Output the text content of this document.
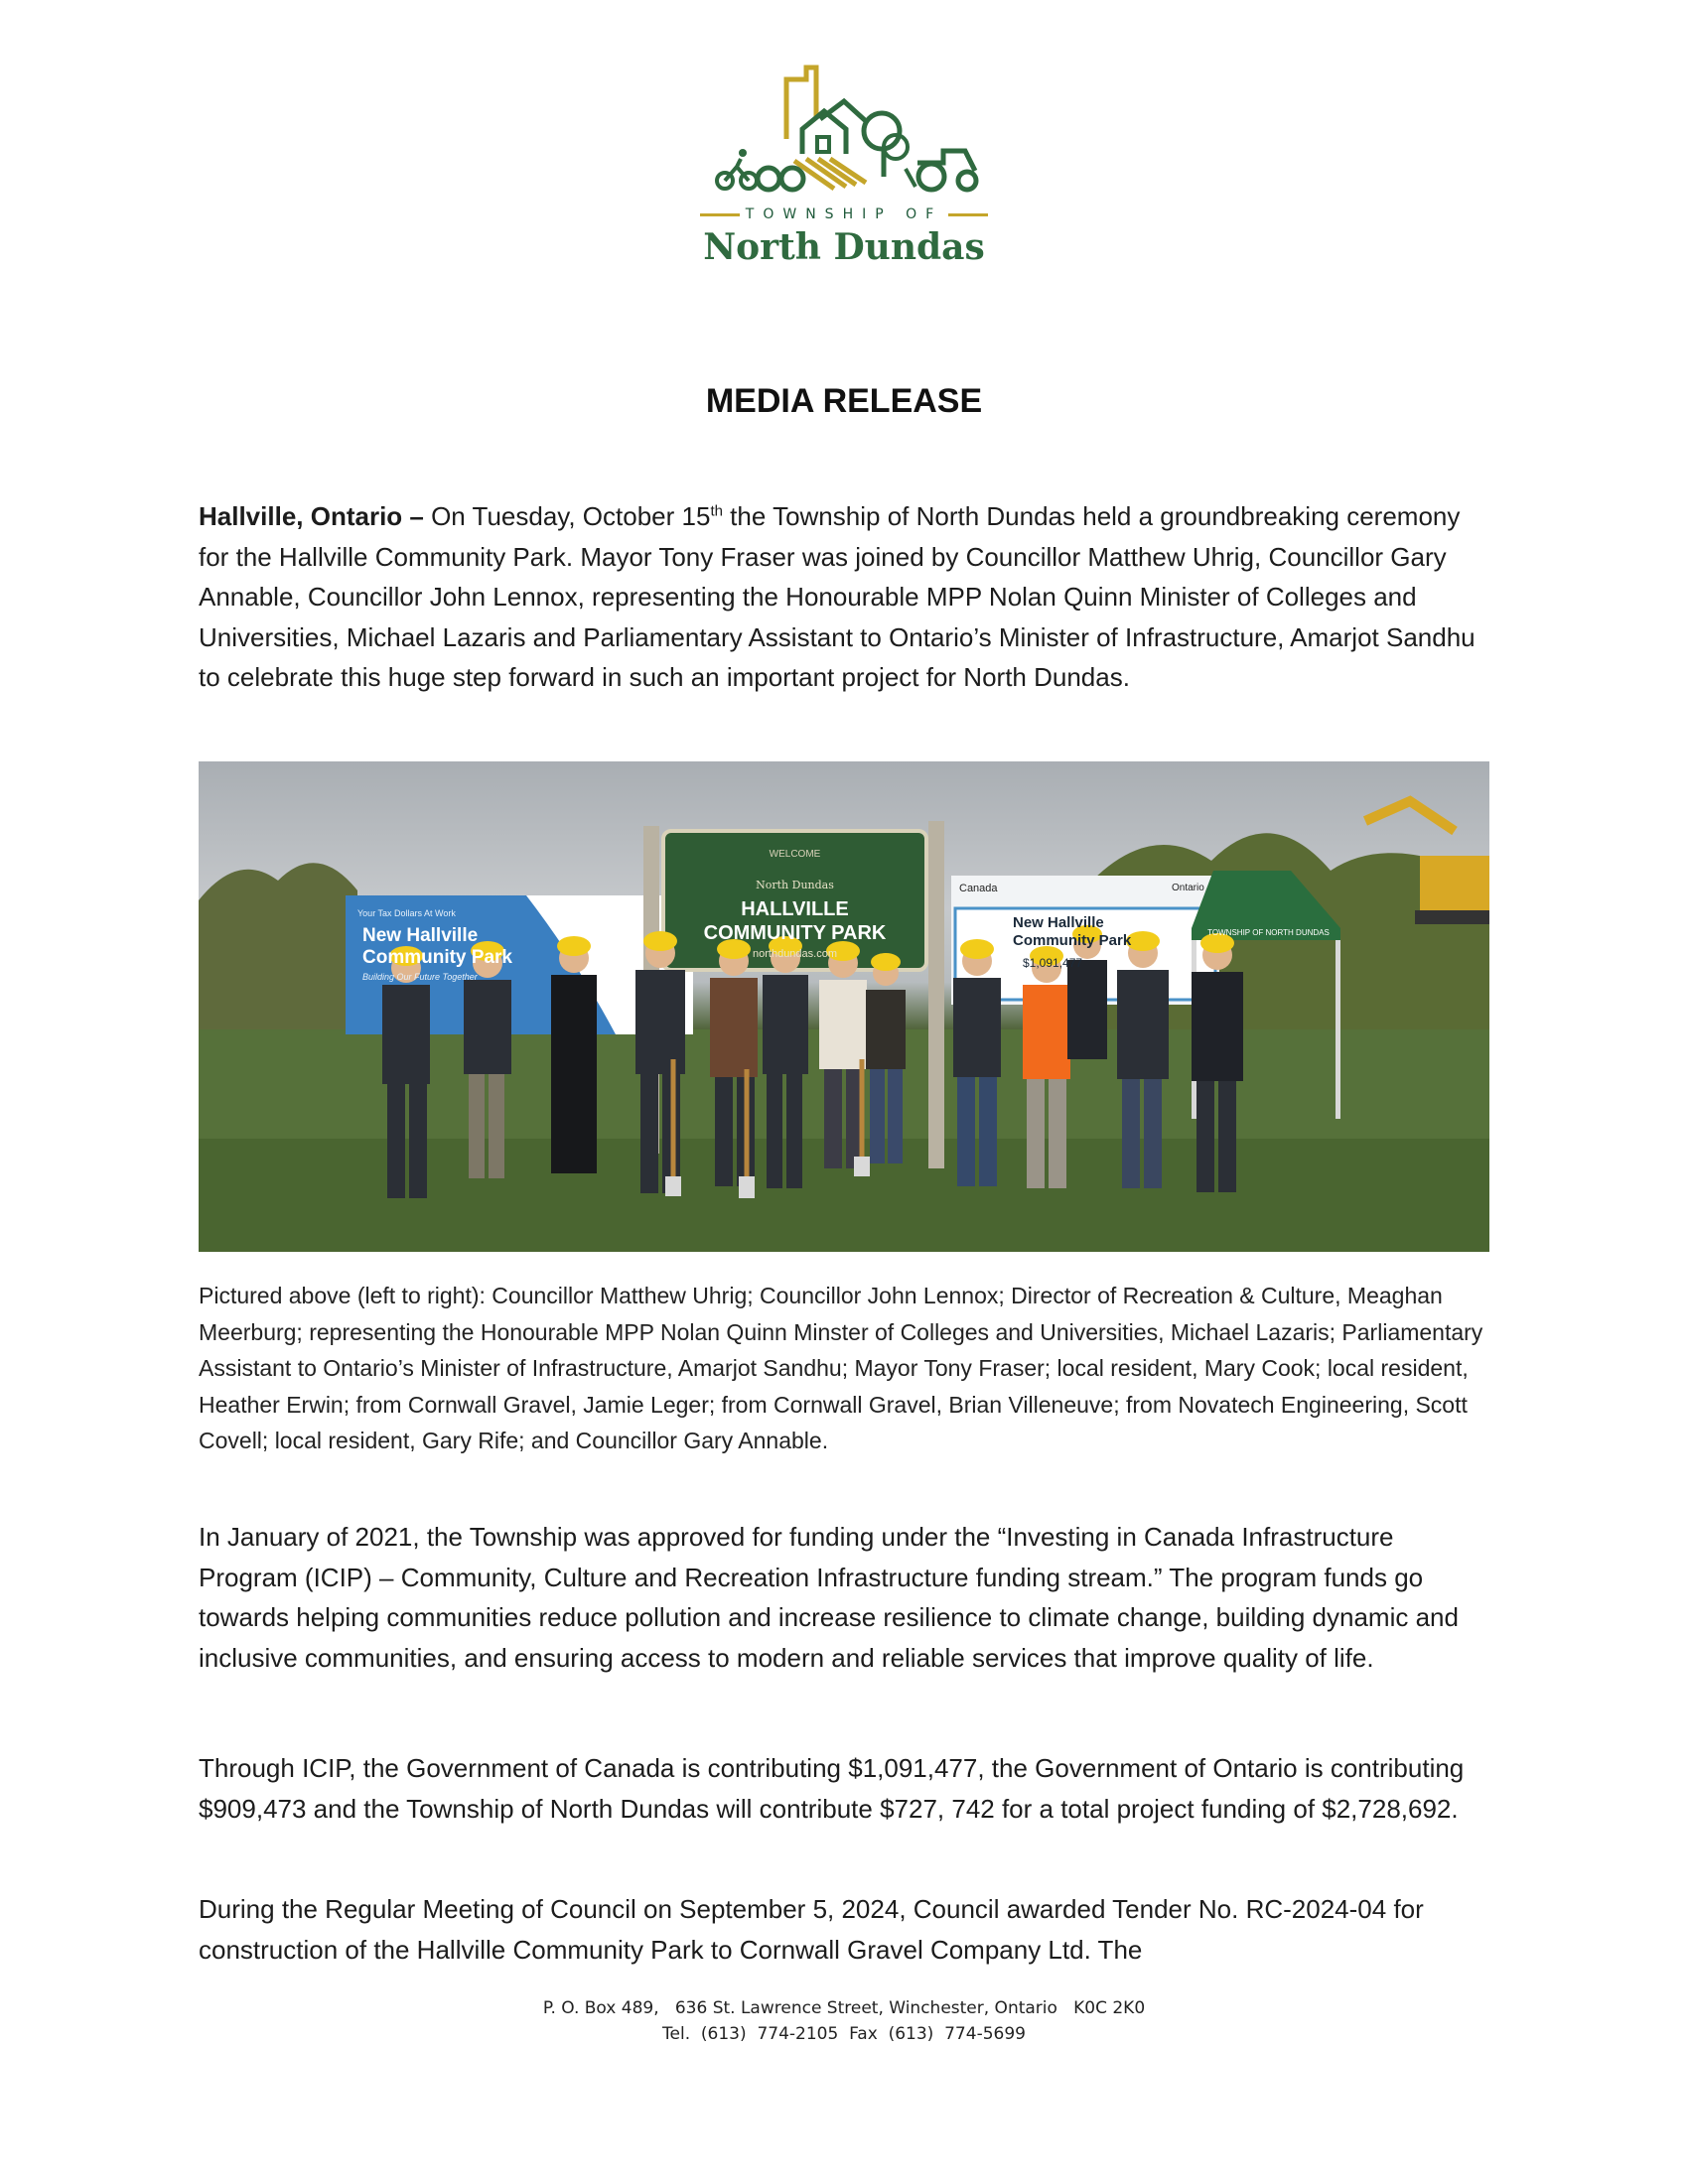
TOWNSHIP OF
North Dundas
MEDIA RELEASE
Hallville, Ontario – On Tuesday, October 15th the Township of North Dundas held a groundbreaking ceremony for the Hallville Community Park. Mayor Tony Fraser was joined by Councillor Matthew Uhrig, Councillor Gary Annable, Councillor John Lennox, representing the Honourable MPP Nolan Quinn Minister of Colleges and Universities, Michael Lazaris and Parliamentary Assistant to Ontario’s Minister of Infrastructure, Amarjot Sandhu to celebrate this huge step forward in such an important project for North Dundas.
Your Tax Dollars At Work
New Hallville
Community Park
Building Our Future Together
WELCOME
North Dundas
HALLVILLE
COMMUNITY PARK
northdundas.com
Canada	Ontario
New Hallville
Community Park
$1,091,477
TOWNSHIP OF NORTH DUNDAS
Pictured above (left to right): Councillor Matthew Uhrig; Councillor John Lennox; Director of Recreation & Culture, Meaghan Meerburg; representing the Honourable MPP Nolan Quinn Minster of Colleges and Universities, Michael Lazaris; Parliamentary Assistant to Ontario’s Minister of Infrastructure, Amarjot Sandhu; Mayor Tony Fraser; local resident, Mary Cook; local resident, Heather Erwin; from Cornwall Gravel, Jamie Leger; from Cornwall Gravel, Brian Villeneuve; from Novatech Engineering, Scott Covell; local resident, Gary Rife; and Councillor Gary Annable.
In January of 2021, the Township was approved for funding under the “Investing in Canada Infrastructure Program (ICIP) – Community, Culture and Recreation Infrastructure funding stream.” The program funds go towards helping communities reduce pollution and increase resilience to climate change, building dynamic and inclusive communities, and ensuring access to modern and reliable services that improve quality of life.
Through ICIP, the Government of Canada is contributing $1,091,477, the Government of Ontario is contributing $909,473 and the Township of North Dundas will contribute $727, 742 for a total project funding of $2,728,692.
During the Regular Meeting of Council on September 5, 2024, Council awarded Tender No. RC-2024-04 for construction of the Hallville Community Park to Cornwall Gravel Company Ltd. The
P. O. Box 489,   636 St. Lawrence Street, Winchester, Ontario   K0C 2K0
Tel.  (613)  774-2105  Fax  (613)  774-5699
